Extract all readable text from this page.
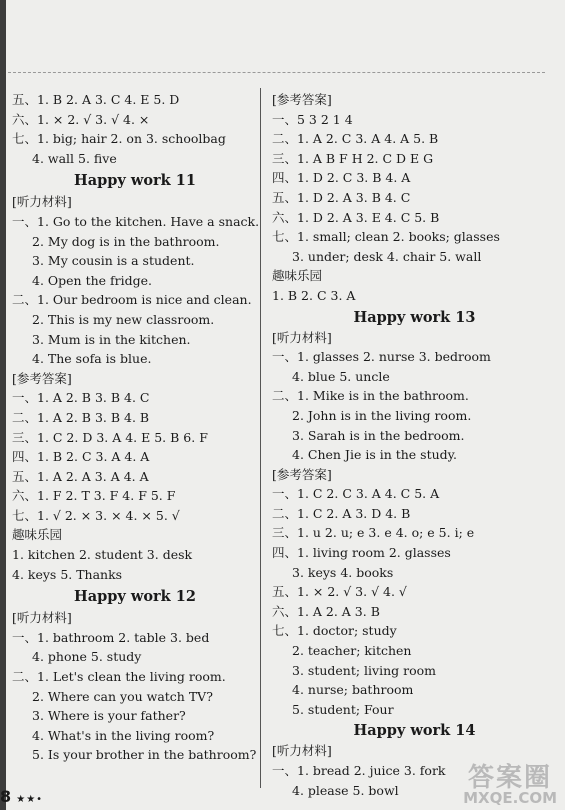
五、1. B 2. A 3. C 4. E 5. D
六、1. × 2. √ 3. √ 4. ×
七、1. big; hair 2. on 3. schoolbag
4. wall 5. five
Happy work 11
[听力材料]
一、1. Go to the kitchen. Have a snack.
2. My dog is in the bathroom.
3. My cousin is a student.
4. Open the fridge.
二、1. Our bedroom is nice and clean.
2. This is my new classroom.
3. Mum is in the kitchen.
4. The sofa is blue.
[参考答案]
一、1. A 2. B 3. B 4. C
二、1. A 2. B 3. B 4. B
三、1. C 2. D 3. A 4. E 5. B 6. F
四、1. B 2. C 3. A 4. A
五、1. A 2. A 3. A 4. A
六、1. F 2. T 3. F 4. F 5. F
七、1. √ 2. × 3. × 4. × 5. √
趣味乐园
1. kitchen 2. student 3. desk
4. keys 5. Thanks
Happy work 12
[听力材料]
一、1. bathroom 2. table 3. bed
4. phone 5. study
二、1. Let's clean the living room.
2. Where can you watch TV?
3. Where is your father?
4. What's in the living room?
5. Is your brother in the bathroom?
[参考答案]
一、5 3 2 1 4
二、1. A 2. C 3. A 4. A 5. B
三、1. A B F H 2. C D E G
四、1. D 2. C 3. B 4. A
五、1. D 2. A 3. B 4. C
六、1. D 2. A 3. E 4. C 5. B
七、1. small; clean 2. books; glasses
3. under; desk 4. chair 5. wall
趣味乐园
1. B 2. C 3. A
Happy work 13
[听力材料]
一、1. glasses 2. nurse 3. bedroom
4. blue 5. uncle
二、1. Mike is in the bathroom.
2. John is in the living room.
3. Sarah is in the bedroom.
4. Chen Jie is in the study.
[参考答案]
一、1. C 2. C 3. A 4. C 5. A
二、1. C 2. A 3. D 4. B
三、1. u 2. u; e 3. e 4. o; e 5. i; e
四、1. living room 2. glasses
3. keys 4. books
五、1. × 2. √ 3. √ 4. √
六、1. A 2. A 3. B
七、1. doctor; study
2. teacher; kitchen
3. student; living room
4. nurse; bathroom
5. student; Four
Happy work 14
[听力材料]
一、1. bread 2. juice 3. fork
4. please 5. bowl
8 ★★•
答案圈
MXQE.COM
